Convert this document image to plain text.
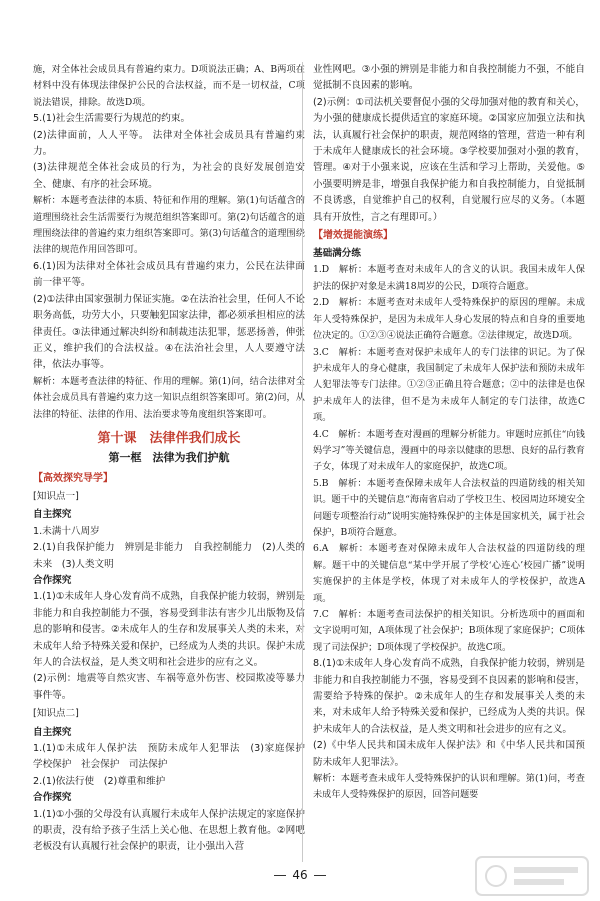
施，对全体社会成员具有普遍约束力。D项说法正确；A、B两项在材料中没有体现法律保护公民的合法权益，而不是一切权益，C项说法错误，排除。故选D项。

5.(1)社会生活需要行为规范的约束。

(2)法律面前，人人平等。 法律对全体社会成员具有普遍约束力。

(3)法律规范全体社会成员的行为，为社会的良好发展创造安全、健康、有序的社会环境。

解析：本题考查法律的本质、特征和作用的理解。第(1)句话蕴含的道理围绕社会生活需要行为规范组织答案即可。第(2)句话蕴含的道理围绕法律的普遍约束力组织答案即可。第(3)句话蕴含的道理围绕法律的规范作用回答即可。

6.(1)因为法律对全体社会成员具有普遍约束力，公民在法律面前一律平等。

(2)①法律由国家强制力保证实施。②在法治社会里，任何人不论职务高低，功劳大小，只要触犯国家法律，都必须承担相应的法律责任。③法律通过解决纠纷和制裁违法犯罪，惩恶扬善，伸张正义，维护我们的合法权益。④在法治社会里，人人要遵守法律，依法办事等。

解析：本题考查法律的特征、作用的理解。第(1)问，结合法律对全体社会成员具有普遍约束力这一知识点组织答案即可。第(2)问，从法律的特征、法律的作用、法治要求等角度组织答案即可。

第十课　法律伴我们成长
第一框　法律为我们护航
【高效探究导学】
[知识点一]

自主探究

1.未满十八周岁

2.(1)自我保护能力　辨别是非能力　自我控制能力　(2)人类的未来　(3)人类文明

合作探究

1.(1)①未成年人身心发育尚不成熟，自我保护能力较弱，辨别是非能力和自我控制能力不强，容易受到非法有害少儿出版物及信息的影响和侵害。②未成年人的生存和发展事关人类的未来，对未成年人给予特殊关爱和保护，已经成为人类的共识。保护未成年人的合法权益，是人类文明和社会进步的应有之义。

(2)示例：地震等自然灾害、车祸等意外伤害、校园欺凌等暴力事件等。

[知识点二]

自主探究

1.(1)①未成年人保护法　预防未成年人犯罪法　(3)家庭保护　学校保护　社会保护　司法保护

2.(1)依法行使　(2)尊重和维护

合作探究

1.(1)①小强的父母没有认真履行未成年人保护法规定的家庭保护的职责，没有给予孩子生活上关心他、在思想上教育他。②网吧老板没有认真履行社会保护的职责，让小强出入营

业性网吧。③小强的辨别是非能力和自我控制能力不强，不能自觉抵制不良因素的影响。

(2)示例：①司法机关要督促小强的父母加强对他的教育和关心，为小强的健康成长提供适宜的家庭环境。②国家应加强立法和执法，认真履行社会保护的职责，规范网络的管理，营造一种有利于未成年人健康成长的社会环境。③学校要加强对小强的教育，管理。④对于小强来说，应该在生活和学习上帮助，关爱他。⑤小强要明辨是非，增强自我保护能力和自我控制能力，自觉抵制不良诱惑，自觉维护自己的权利，自觉履行应尽的义务。（本题具有开放性，言之有理即可。）

【增效提能演练】

基础满分练

1.D　解析：本题考查对未成年人的含义的认识。我国未成年人保护法的保护对象是未满18周岁的公民，D项符合题意。

2.D　解析：本题考查对未成年人受特殊保护的原因的理解。未成年人受特殊保护，是因为未成年人身心发展的特点和自身的重要地位决定的。①②③④说法正确符合题意。②法律规定，故选D项。

3.C　解析：本题考查对保护未成年人的专门法律的识记。为了保护未成年人的身心健康，我国制定了未成年人保护法和预防未成年人犯罪法等专门法律。①②③正确且符合题意；②中的法律是也保护未成年人的法律，但不是为未成年人制定的专门法律，故选C项。

4.C　解析：本题考查对漫画的理解分析能力。审题时应抓住“向钱妈学习”等关键信息，漫画中的母亲以健康的思想、良好的品行教育子女，体现了对未成年人的家庭保护，故选C项。

5.B　解析：本题考查保障未成年人合法权益的四道防线的相关知识。题干中的关键信息“海南省启动了学校卫生、校园周边环境安全问题专项整治行动”说明实施特殊保护的主体是国家机关，属于社会保护，B项符合题意。

6.A　解析：本题考查对保障未成年人合法权益的四道防线的理解。题干中的关键信息“某中学开展了学校‘心连心’校园广播”说明实施保护的主体是学校，体现了对未成年人的学校保护，故选A项。

7.C　解析：本题考查司法保护的相关知识。分析选项中的画面和文字说明可知，A项体现了社会保护；B项体现了家庭保护；C项体现了司法保护；D项体现了学校保护。故选C项。

8.(1)①未成年人身心发育尚不成熟，自我保护能力较弱，辨别是非能力和自我控制能力不强，容易受到不良因素的影响和侵害，需要给予特殊的保护。②未成年人的生存和发展事关人类的未来，对未成年人给予特殊关爱和保护，已经成为人类的共识。保护未成年人的合法权益，是人类文明和社会进步的应有之义。

(2)《中华人民共和国未成年人保护法》和《中华人民共和国预防未成年人犯罪法》。

解析：本题考查未成年人受特殊保护的认识和理解。第(1)问，考查未成年人受特殊保护的原因，回答问题要

46
